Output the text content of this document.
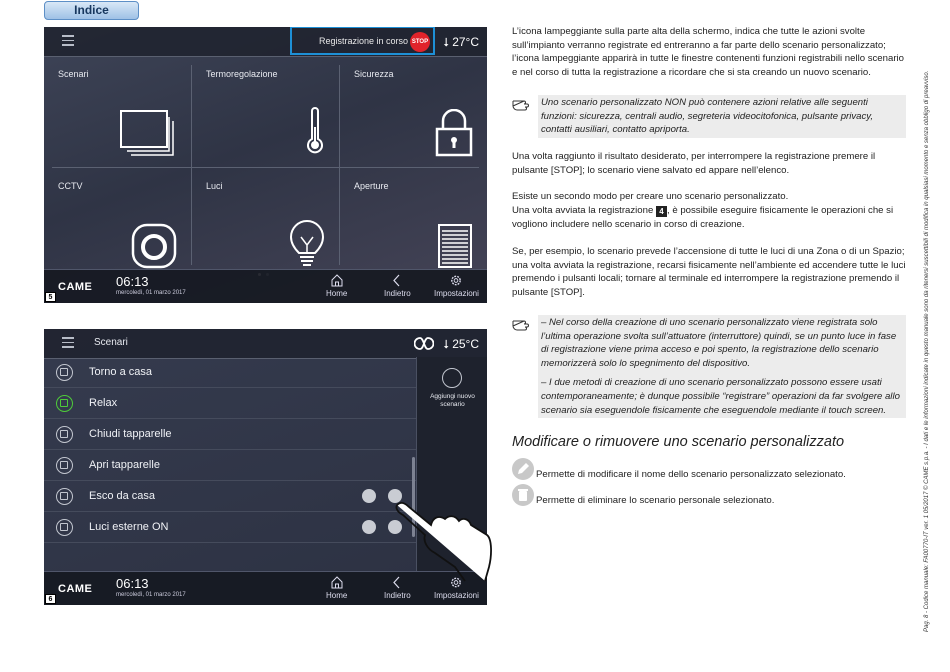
Indice
Registrazione in corso STOP ⭣ 27°C
Scenari	Termoregolazione	Sicurezza
CCTV	Luci	Aperture
CAME 06:13
mercoledì, 01 marzo 2017	Home	Indietro	Impostazioni
5
Scenari	⭣ 25°C
Torno a casa
Relax
Chiudi tapparelle
Apri tapparelle
Esco da casa
Luci esterne ON
Aggiungi nuovo scenario
CAME 06:13
mercoledì, 01 marzo 2017	Home	Indietro	Impostazioni
6

L’icona lampeggiante sulla parte alta della schermo, indica che tutte le azioni svolte sull’impianto verranno registrate ed entreranno a far parte dello scenario personalizzato; l’icona lampeggiante apparirà in tutte le finestre contenenti funzioni registrabili nello scenario e nel corso di tutta la registrazione a ricordare che si sta creando un nuovo scenario.

Uno scenario personalizzato NON può contenere azioni relative alle seguenti funzioni: sicurezza, centrali audio, segreteria videocitofonica, pulsante privacy, contatti ausiliari, contatto apriporta.

Una volta raggiunto il risultato desiderato, per interrompere la registrazione premere il pulsante [STOP]; lo scenario viene salvato ed appare nell’elenco.

Esiste un secondo modo per creare uno scenario personalizzato.

Una volta avviata la registrazione 4 , è possibile eseguire fisicamente le operazioni che si vogliono includere nello scenario in corso di creazione.

Se, per esempio, lo scenario prevede l’accensione di tutte le luci di una Zona o di un Spazio; una volta avviata la registrazione, recarsi fisicamente nell’ambiente ed accendere tutte le luci premendo i pulsanti locali; tornare al terminale ed interrompere la registrazione premendo il pulsante [STOP].

– Nel corso della creazione di uno scenario personalizzato viene registrata solo l’ultima operazione svolta sull’attuatore (interruttore) quindi, se un punto luce in fase di registrazione viene prima acceso e poi spento, la registrazione dello scenario memorizzerà solo lo spegnimento del dispositivo.

– I due metodi di creazione di uno scenario personalizzato possono essere usati contemporaneamente; è dunque possibile “registrare” operazioni da far svolgere allo scenario sia eseguendole fisicamente che eseguendole mediante il touch screen.

Modificare o rimuovere uno scenario personalizzato

Permette di modificare il nome dello scenario personalizzato selezionato.

Permette di eliminare lo scenario personale selezionato.	Pag. 8 - Codice manuale: FA00770-IT ver. 1 05/2017 © CAME s.p.a. - I dati e le informazioni indicate in questo manuale sono da ritenersi suscettibili di modifica in qualsiasi momento e senza obbligo di preavviso.
